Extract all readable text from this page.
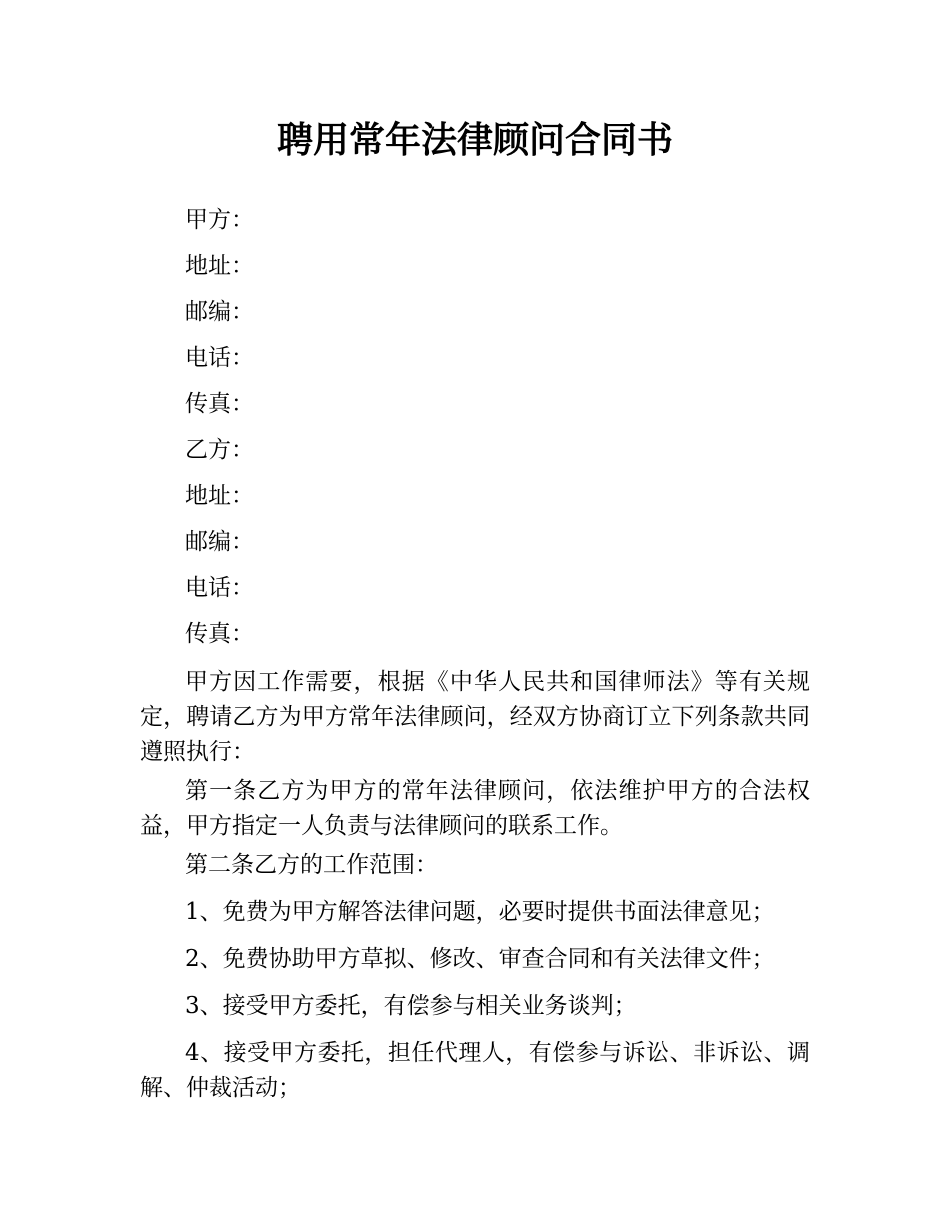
聘用常年法律顾问合同书

甲方：

地址：

邮编：

电话：

传真：

乙方：

地址：

邮编：

电话：

传真：

甲方因工作需要，根据《中华人民共和国律师法》等有关规定，聘请乙方为甲方常年法律顾问，经双方协商订立下列条款共同遵照执行：

第一条乙方为甲方的常年法律顾问，依法维护甲方的合法权益，甲方指定一人负责与法律顾问的联系工作。

第二条乙方的工作范围：

1、免费为甲方解答法律问题，必要时提供书面法律意见；

2、免费协助甲方草拟、修改、审查合同和有关法律文件；

3、接受甲方委托，有偿参与相关业务谈判；

4、接受甲方委托，担任代理人，有偿参与诉讼、非诉讼、调解、仲裁活动；
